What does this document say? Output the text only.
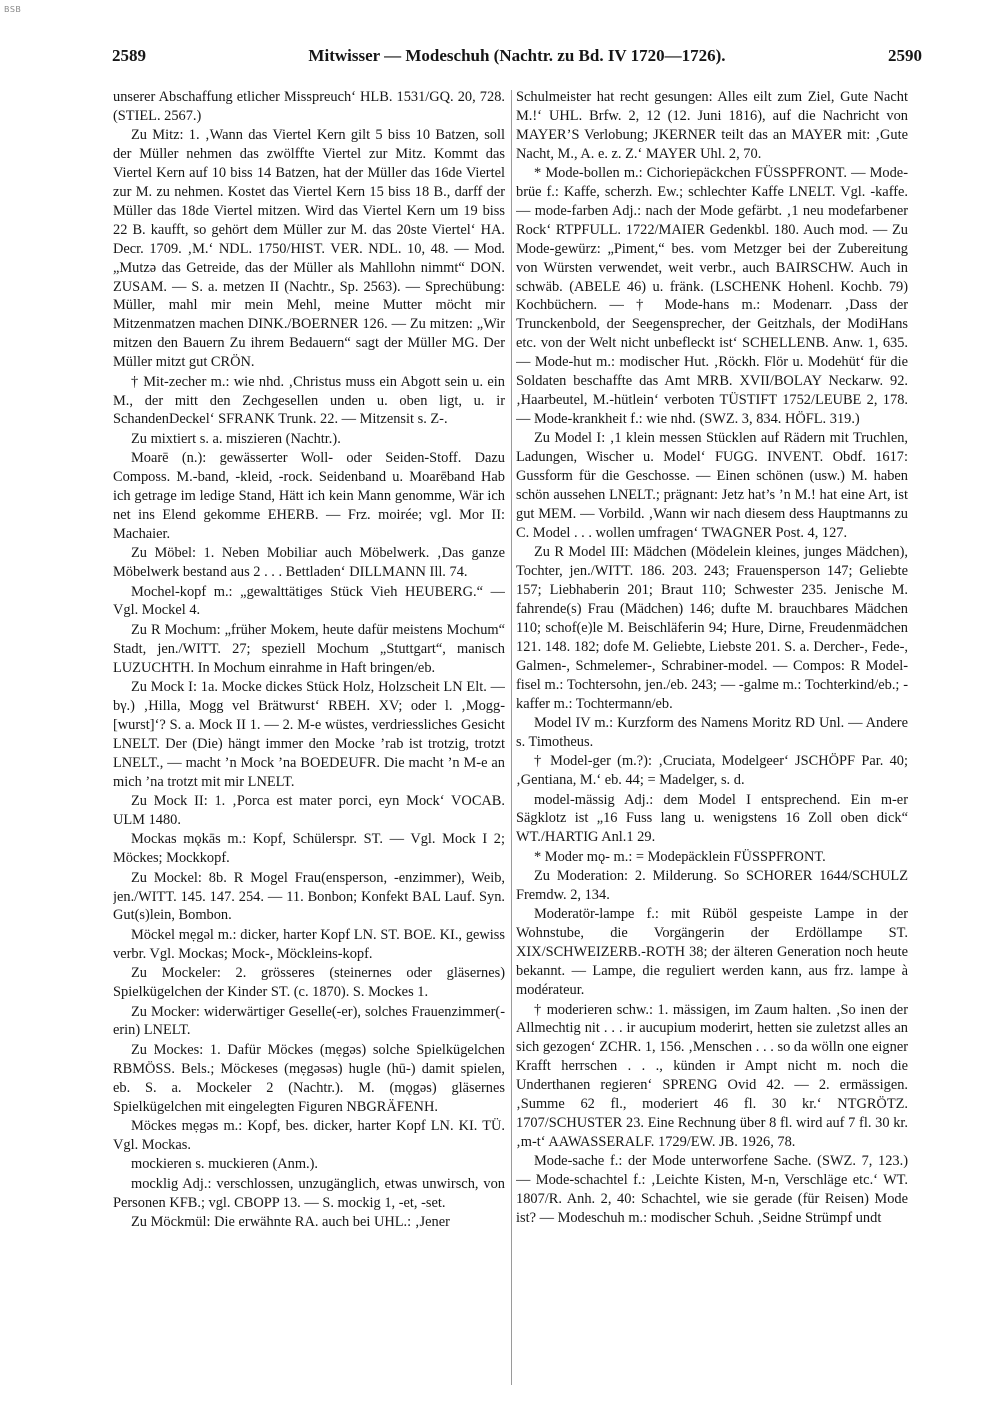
BSB
2589	Mitwisser — Modeschuh (Nachtr. zu Bd. IV 1720—1726).	2590

unserer Abschaffung etlicher Misspreuch‘ HLB. 1531/GQ. 20, 728. (STIEL. 2567.)

Zu Mitz: 1. ‚Wann das Viertel Kern gilt 5 biss 10 Batzen, soll der Müller nehmen das zwölffte Viertel zur Mitz. Kommt das Viertel Kern auf 10 biss 14 Batzen, hat der Müller das 16de Viertel zur M. zu nehmen. Kostet das Viertel Kern 15 biss 18 B., darff der Müller das 18de Viertel mitzen. Wird das Viertel Kern um 19 biss 22 B. kaufft, so gehört dem Müller zur M. das 20ste Viertel‘ HA. Decr. 1709. ‚M.‘ NDL. 1750/HIST. VER. NDL. 10, 48. — Mod. „Mutzə das Getreide, das der Müller als Mahllohn nimmt“ DON. ZUSAM. — S. a. metzen II (Nachtr., Sp. 2563). — Sprechübung: Müller, mahl mir mein Mehl, meine Mutter möcht mir Mitzenmatzen machen DINK./BOERNER 126. — Zu mitzen: „Wir mitzen den Bauern Zu ihrem Bedauern“ sagt der Müller MG. Der Müller mitzt gut CRÖN.

† Mit-zecher m.: wie nhd. ‚Christus muss ein Abgott sein u. ein M., der mitt den Zechgesellen unden u. oben ligt, u. ir SchandenDeckel‘ SFRANK Trunk. 22. — Mitzensit s. Z-.

Zu mixtiert s. a. miszieren (Nachtr.).

Moarē (n.): gewässerter Woll- oder Seiden-Stoff. Dazu Composs. M.-band, -kleid, -rock. Seidenband u. Moarēband Hab ich getrage im ledige Stand, Hätt ich kein Mann genomme, Wär ich net ins Elend gekomme EHERB. — Frz. moirée; vgl. Mor II: Machaier.

Zu Möbel: 1. Neben Mobiliar auch Möbelwerk. ‚Das ganze Möbelwerk bestand aus 2 . . . Bettladen‘ DILLMANN Ill. 74.

Mochel-kopf m.: „gewalttätiges Stück Vieh HEUBERG.“ — Vgl. Mockel 4.

Zu R Mochum: „früher Mokem, heute dafür meistens Mochum“ Stadt, jen./WITT. 27; speziell Mochum „Stuttgart“, manisch LUZUCHTH. In Mochum einrahme in Haft bringen/eb.

Zu Mock I: 1a. Mocke dickes Stück Holz, Holzscheit LN Elt. — bγ.) ‚Hilla, Mogg vel Brätwurst‘ RBEH. XV; oder l. ‚Mogg-[wurst]‘? S. a. Mock II 1. — 2. M-e wüstes, verdriessliches Gesicht LNELT. Der (Die) hängt immer den Mocke ’rab ist trotzig, trotzt LNELT., — macht ’n Mock ’na BOEDEUFR. Die macht ’n M-e an mich ’na trotzt mit mir LNELT.

Zu Mock II: 1. ‚Porca est mater porci, eyn Mock‘ VOCAB. ULM 1480.

Mockas mǫkās m.: Kopf, Schülerspr. ST. — Vgl. Mock I 2; Möckes; Mockkopf.

Zu Mockel: 8b. R Mogel Frau(ensperson, -enzimmer), Weib, jen./WITT. 145. 147. 254. — 11. Bonbon; Konfekt BAL Lauf. Syn. Gut(s)lein, Bombon.

Möckel mẹgəl m.: dicker, harter Kopf LN. ST. BOE. KI., gewiss verbr. Vgl. Mockas; Mock-, Möckleins-kopf.

Zu Mockeler: 2. grösseres (steinernes oder gläsernes) Spielkügelchen der Kinder ST. (c. 1870). S. Mockes 1.

Zu Mocker: widerwärtiger Geselle(-er), solches Frauenzimmer(-erin) LNELT.

Zu Mockes: 1. Dafür Möckes (mẹgəs) solche Spielkügelchen RBMÖSS. Bels.; Möckeses (mẹgəsəs) hugle (hū-) damit spielen, eb. S. a. Mockeler 2 (Nachtr.). M. (mǫgəs) gläsernes Spielkügelchen mit eingelegten Figuren NBGRÄFENH.

Möckes mẹgəs m.: Kopf, bes. dicker, harter Kopf LN. KI. TÜ. Vgl. Mockas.

mockieren s. muckieren (Anm.).

mocklig Adj.: verschlossen, unzugänglich, etwas unwirsch, von Personen KFB.; vgl. CBOPP 13. — S. mockig 1, -et, -set.

Zu Möckmül: Die erwähnte RA. auch bei UHL.: ‚Jener

Schulmeister hat recht gesungen: Alles eilt zum Ziel, Gute Nacht M.!‘ UHL. Brfw. 2, 12 (12. Juni 1816), auf die Nachricht von MAYER’S Verlobung; JKERNER teilt das an MAYER mit: ‚Gute Nacht, M., A. e. z. Z.‘ MAYER Uhl. 2, 70.

* Mode-bollen m.: Cichoriepäckchen FÜSSPFRONT. — Mode-brüe f.: Kaffe, scherzh. Ew.; schlechter Kaffe LNELT. Vgl. -kaffe. — mode-farben Adj.: nach der Mode gefärbt. ‚1 neu modefarbener Rock‘ RTPFULL. 1722/MAIER Gedenkbl. 180. Auch mod. — Zu Mode-gewürz: „Piment,“ bes. vom Metzger bei der Zubereitung von Würsten verwendet, weit verbr., auch BAIRSCHW. Auch in schwäb. (ABELE 46) u. fränk. (LSCHENK Hohenl. Kochb. 79) Kochbüchern. — † Mode-hans m.: Modenarr. ‚Dass der Trunckenbold, der Seegensprecher, der Geitzhals, der ModiHans etc. von der Welt nicht unbefleckt ist‘ SCHELLENB. Anw. 1, 635. — Mode-hut m.: modischer Hut. ‚Röckh. Flör u. Modehüt‘ für die Soldaten beschaffte das Amt MRB. XVII/BOLAY Neckarw. 92. ‚Haarbeutel, M.-hütlein‘ verboten TÜSTIFT 1752/LEUBE 2, 178. — Mode-krankheit f.: wie nhd. (SWZ. 3, 834. HÖFL. 319.)

Zu Model I: ‚1 klein messen Stücklen auf Rädern mit Truchlen, Ladungen, Wischer u. Model‘ FUGG. INVENT. Obdf. 1617: Gussform für die Geschosse. — Einen schönen (usw.) M. haben schön aussehen LNELT.; prägnant: Jetz hat’s ’n M.! hat eine Art, ist gut MEM. — Vorbild. ‚Wann wir nach diesem dess Hauptmanns zu C. Model . . . wollen umfragen‘ TWAGNER Post. 4, 127.

Zu R Model III: Mädchen (Mödelein kleines, junges Mädchen), Tochter, jen./WITT. 186. 203. 243; Frauensperson 147; Geliebte 157; Liebhaberin 201; Braut 110; Schwester 235. Jenische M. fahrende(s) Frau (Mädchen) 146; dufte M. brauchbares Mädchen 110; schof(e)le M. Beischläferin 94; Hure, Dirne, Freudenmädchen 121. 148. 182; dofe M. Geliebte, Liebste 201. S. a. Dercher-, Fede-, Galmen-, Schmelemer-, Schrabiner-model. — Compos: R Model-fisel m.: Tochtersohn, jen./eb. 243; — -galme m.: Tochterkind/eb.; -kaffer m.: Tochtermann/eb.

Model IV m.: Kurzform des Namens Moritz RD Unl. — Andere s. Timotheus.

† Model-ger (m.?): ‚Cruciata, Modelgeer‘ JSCHÖPF Par. 40; ‚Gentiana, M.‘ eb. 44; = Madelger, s. d.

model-mässig Adj.: dem Model I entsprechend. Ein m-er Sägklotz ist „16 Fuss lang u. wenigstens 16 Zoll oben dick“ WT./HARTIG Anl.1 29.

* Moder mǫ- m.: = Modepäcklein FÜSSPFRONT.

Zu Moderation: 2. Milderung. So SCHORER 1644/SCHULZ Fremdw. 2, 134.

Moderatör-lampe f.: mit Rüböl gespeiste Lampe in der Wohnstube, die Vorgängerin der Erdöllampe ST. XIX/SCHWEIZERB.-ROTH 38; der älteren Generation noch heute bekannt. — Lampe, die reguliert werden kann, aus frz. lampe à modérateur.

† moderieren schw.: 1. mässigen, im Zaum halten. ‚So inen der Allmechtig nit . . . ir aucupium moderirt, hetten sie zuletzst alles an sich gezogen‘ ZCHR. 1, 156. ‚Menschen . . . so da wölln one eigner Krafft herrschen . . ., künden ir Ampt nicht m. noch die Underthanen regieren‘ SPRENG Ovid 42. — 2. ermässigen. ‚Summe 62 fl., moderiert 46 fl. 30 kr.‘ NTGRÖTZ. 1707/SCHUSTER 23. Eine Rechnung über 8 fl. wird auf 7 fl. 30 kr. ‚m-t‘ AAWASSERALF. 1729/EW. JB. 1926, 78.

Mode-sache f.: der Mode unterworfene Sache. (SWZ. 7, 123.) — Mode-schachtel f.: ‚Leichte Kisten, M-n, Verschläge etc.‘ WT. 1807/R. Anh. 2, 40: Schachtel, wie sie gerade (für Reisen) Mode ist? — Modeschuh m.: modischer Schuh. ‚Seidne Strümpf undt
